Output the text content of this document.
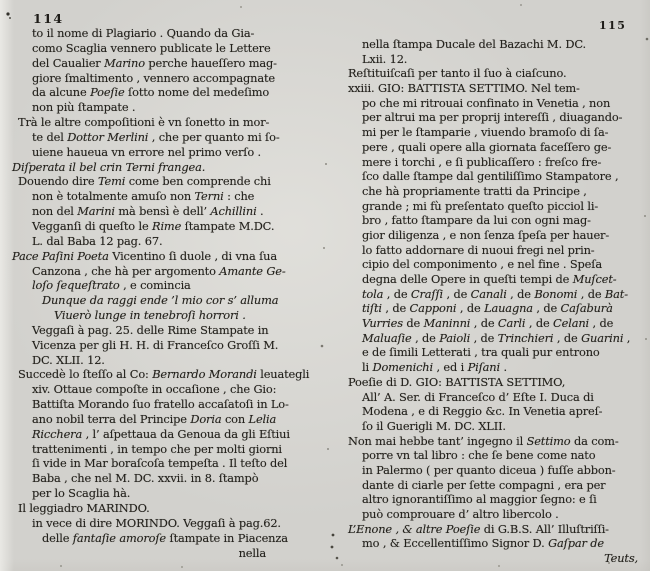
114	115
to il nome di Plagiario . Quando da Gia-
como Scaglia vennero publicate le Lettere
del Caualier Marino perche haueſſero mag-
giore ſmaltimento , vennero accompagnate
da alcune Poeſie ſotto nome del medeſimo
non più ſtampate .
Trà le altre compoſitioni è vn ſonetto in mor-
te del Dottor Merlini , che per quanto mi ſo-
uiene haueua vn errore nel primo verſo .
Diſperata il bel crin Terni frangea.
Douendo dire Temi come ben comprende chi
non è totalmente amuſo non Terni : che
non del Marini mà bensì è dell’ Achillini .
Vegganſi di queſto le Rime ſtampate M.DC.
L. dal Baba 12 pag. 67.
Pace Paſini Poeta Vicentino ſi duole , di vna ſua
Canzona , che hà per argomento Amante Ge-
loſo ſequeſtrato , e comincia
Dunque da raggi ende ’l mio cor s’ alluma
Viuerò lunge in tenebroſi horrori .
Veggaſi à pag. 25. delle Rime Stampate in
Vicenza per gli H. H. di Franceſco Groſſi M.
DC. XLII. 12.
Succedè lo ſteſſo al Co: Bernardo Morandi leuategli
xiv. Ottaue compoſte in occaſione , che Gio:
Battiſta Morando ſuo fratello accaſatoſi in Lo-
ano nobil terra del Principe Doria con Lelia
Ricchera , l’ aſpettaua da Genoua da gli Eſtiui
trattenimenti , in tempo che per molti giorni
ſi vide in Mar boraſcoſa tempeſta . Il teſto del
Baba , che nel M. DC. xxvii. in 8. ſtampò
per lo Scaglia hà.
Il leggiadro MARINDO.
in vece di dire MORINDO. Veggaſi à pag.62.
delle fantaſie amoroſe ſtampate in Piacenza
nella
nella ſtampa Ducale del Bazachi M. DC.
Lxii. 12.
Reſtituiſcaſi per tanto il ſuo à ciaſcuno.
xxiii. GIO: BATTISTA SETTIMO. Nel tem-
po che mi ritrouai confinato in Venetia , non
per altrui ma per proprij intereſſi , diuagando-
mi per le ſtamparie , viuendo bramoſo di ſa-
pere , quali opere alla giornata faceſſero ge-
mere i torchi , e ſi publicaſſero : freſco fre-
ſco dalle ſtampe dal gentiliſſimo Stampatore ,
che hà propriamente tratti da Principe ,
grande ; mi fù preſentato queſto picciol li-
bro , fatto ſtampare da lui con ogni mag-
gior diligenza , e non ſenza ſpeſa per hauer-
lo fatto addornare di nuoui fregi nel prin-
cipio del componimento , e nel fine . Speſa
degna delle Opere in queſti tempi de Muſcet-
tola , de Craſſi , de Canali , de Bonomi , de Bat-
tiſti , de Capponi , de Lauagna , de Caſaburà
Vurries de Maninni , de Carli , de Celani , de
Maluaſie , de Paioli , de Trinchieri , de Guarini ,
e de ſimili Letterati , tra quali pur entrono
li Domenichi , ed i Piſani .
Poeſie di D. GIO: BATTISTA SETTIMO,
All’ A. Ser. di Franceſco d’ Eſte I. Duca di
Modena , e di Reggio &c. In Venetia apreſ-
ſo il Guerigli M. DC. XLII.
Non mai hebbe tant’ ingegno il Settimo da com-
porre vn tal libro : che ſe bene come nato
in Palermo ( per quanto diceua ) fuſſe abbon-
dante di ciarle per ſette compagni , era per
altro ignorantiſſimo al maggior ſegno: e ſi
può comprouare d’ altro libercolo .
L’Enone , & altre Poeſie di G.B.S. All’ Illuſtriſſi-
mo , & Eccellentiſſimo Signor D. Gaſpar de
Teuts,
